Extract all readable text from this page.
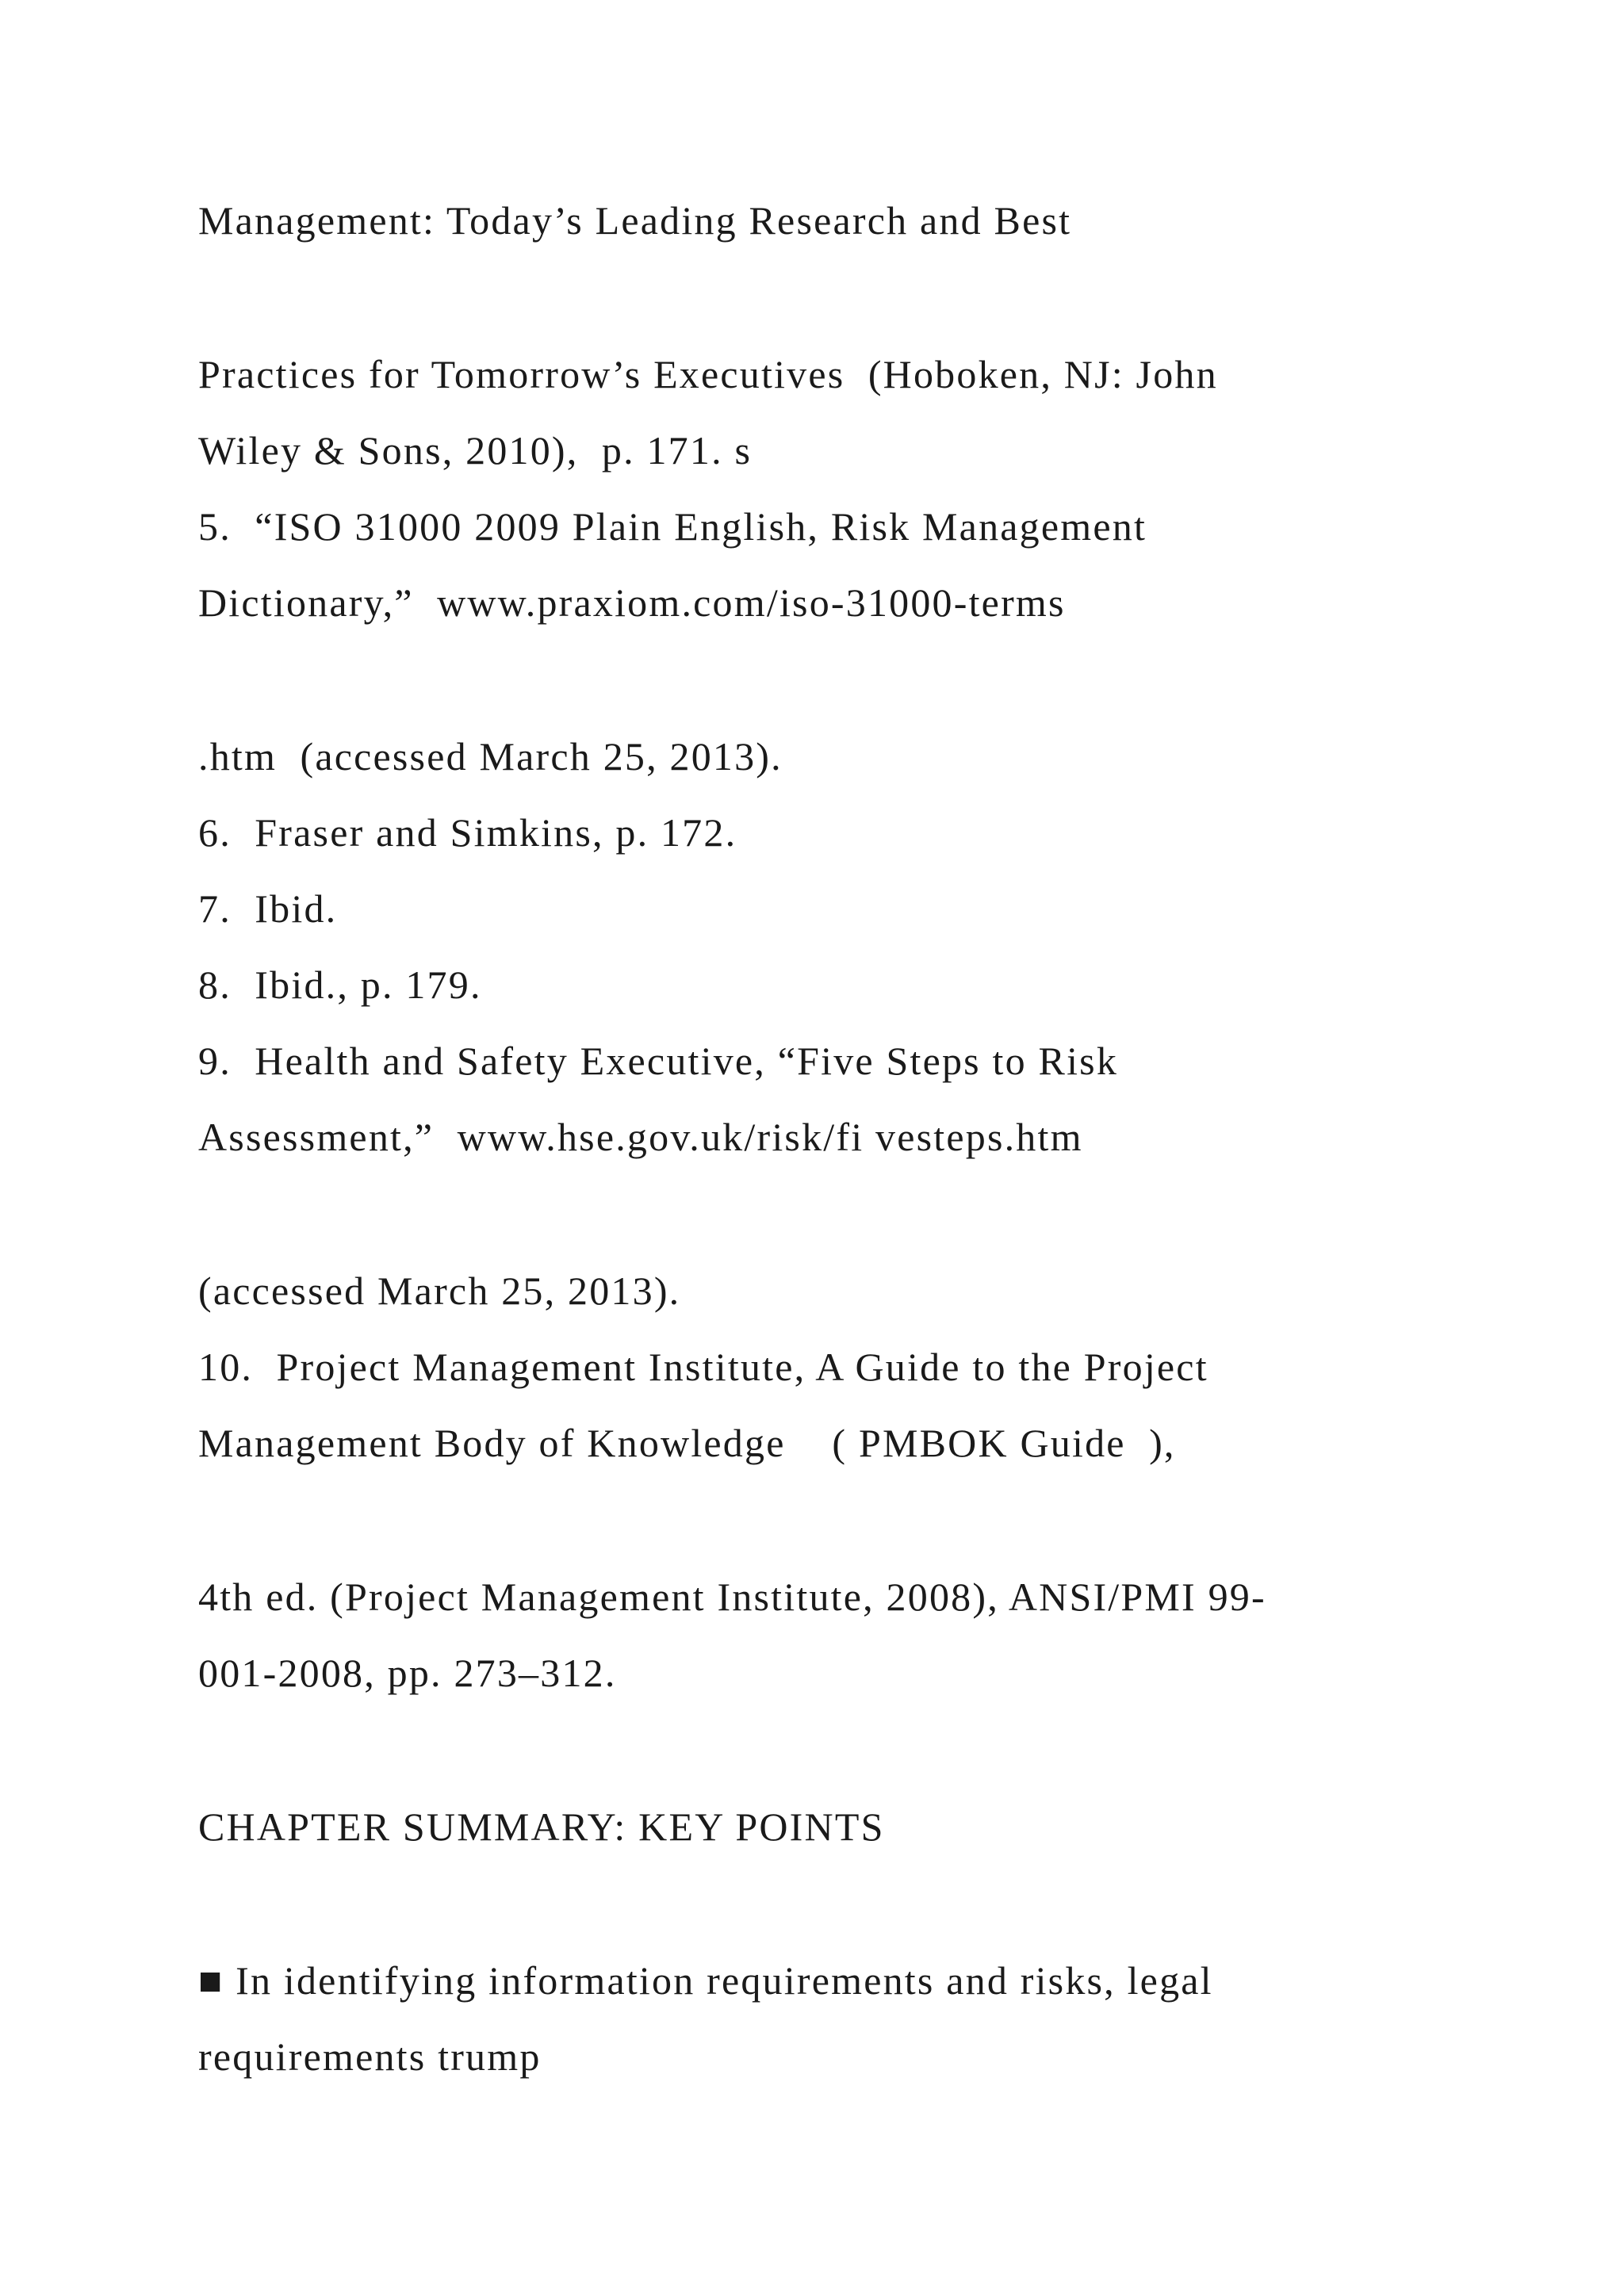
Management: Today’s Leading Research and Best

Practices for Tomorrow’s Executives  (Hoboken, NJ: John

Wiley & Sons, 2010),  p. 171. s

5.  “ISO 31000 2009 Plain English, Risk Management

Dictionary,”  www.praxiom.com/iso-31000-terms

.htm  (accessed March 25, 2013).

6.  Fraser and Simkins, p. 172.

7.  Ibid.

8.  Ibid., p. 179.

9.  Health and Safety Executive, “Five Steps to Risk

Assessment,”  www.hse.gov.uk/risk/fi vesteps.htm

(accessed March 25, 2013).

10.  Project Management Institute, A Guide to the Project

Management Body of Knowledge    ( PMBOK Guide  ),

4th ed. (Project Management Institute, 2008), ANSI/PMI 99-

001-2008, pp. 273–312.

CHAPTER SUMMARY: KEY POINTS

■ In identifying information requirements and risks, legal

requirements trump
